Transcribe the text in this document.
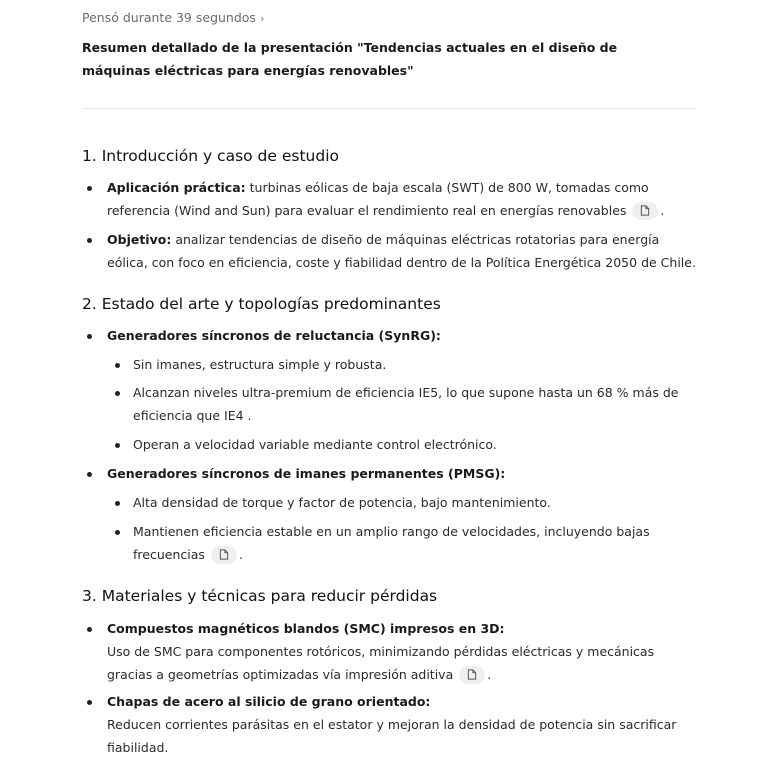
Pensó durante 39 segundos ›
Resumen detallado de la presentación "Tendencias actuales en el diseño de máquinas eléctricas para energías renovables"
1. Introducción y caso de estudio
Aplicación práctica: turbinas eólicas de baja escala (SWT) de 800 W, tomadas como referencia (Wind and Sun) para evaluar el rendimiento real en energías renovables	.
Objetivo: analizar tendencias de diseño de máquinas eléctricas rotatorias para energía eólica, con foco en eficiencia, coste y fiabilidad dentro de la Política Energética 2050 de Chile.
2. Estado del arte y topologías predominantes
Generadores síncronos de reluctancia (SynRG):
Sin imanes, estructura simple y robusta.
Alcanzan niveles ultra-premium de eficiencia IE5, lo que supone hasta un 68 % más de eficiencia que IE4 .
Operan a velocidad variable mediante control electrónico.
Generadores síncronos de imanes permanentes (PMSG):
Alta densidad de torque y factor de potencia, bajo mantenimiento.
Mantienen eficiencia estable en un amplio rango de velocidades, incluyendo bajas frecuencias	.
3. Materiales y técnicas para reducir pérdidas
Compuestos magnéticos blandos (SMC) impresos en 3D:
Uso de SMC para componentes rotóricos, minimizando pérdidas eléctricas y mecánicas gracias a geometrías optimizadas vía impresión aditiva	.
Chapas de acero al silicio de grano orientado:
Reducen corrientes parásitas en el estator y mejoran la densidad de potencia sin sacrificar fiabilidad.
